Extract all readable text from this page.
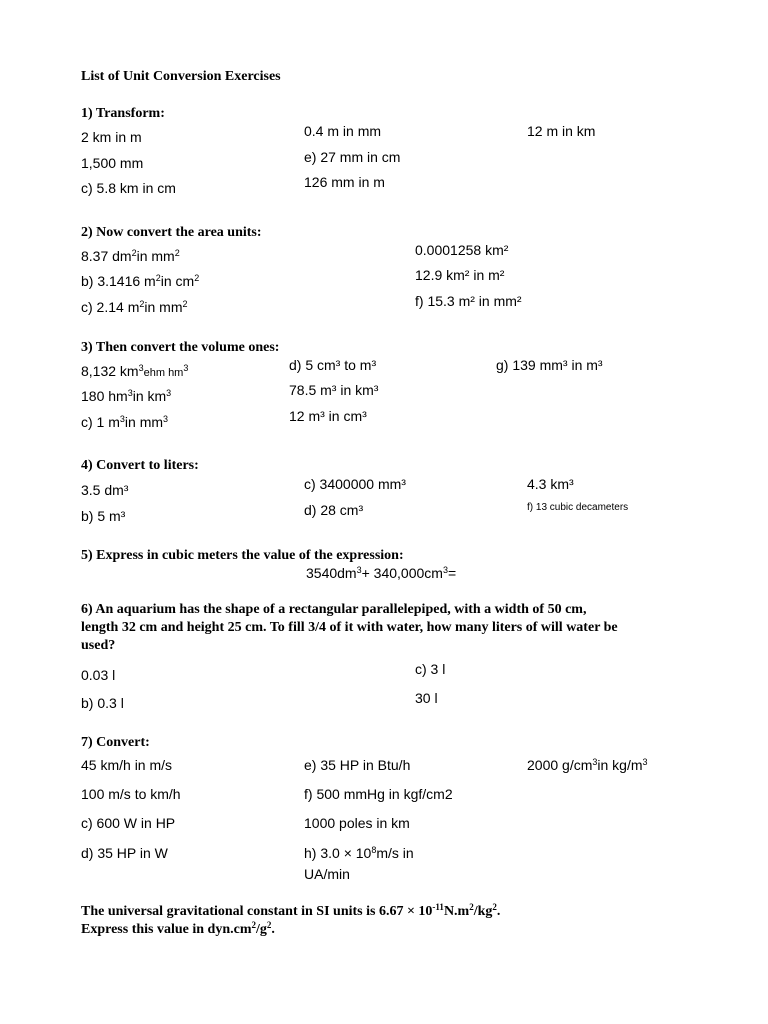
List of Unit Conversion Exercises
1) Transform:
2 km in m
1,500 mm
c) 5.8 km in cm
0.4 m in mm
e) 27 mm in cm
126 mm in m
12 m in km
2) Now convert the area units:
8.37 $dm^2in$ $mm^2$
b) 3.1416 $m^2in$ $cm^2$
c) 2.14 $m^2in$ $mm^2$
0.0001258 km²
12.9 km² in m²
f) 15.3 m² in mm²
3) Then convert the volume ones:
8,132 $km^3ehm$ $hm^3$
180 $hm^3in$ $km^3$
c) 1 $m^3in$ $mm^3$
d) 5 cm³ to m³
78.5 m³ in km³
12 m³ in cm³
g) 139 mm³ in m³
4) Convert to liters:
3.5 dm³
b) 5 m³
c) 3400000 mm³
d) 28 cm³
4.3 km³
f) 13 cubic decameters
5) Express in cubic meters the value of the expression:
$3540dm^3+ 340,000cm^3=$
6) An aquarium has the shape of a rectangular parallelepiped, with a width of 50 cm, length 32 cm and height 25 cm. To fill 3/4 of it with water, how many liters of will water be used?
0.03 l
b) 0.3 l
c) 3 l
30 l
7) Convert:
45 km/h in m/s
100 m/s to km/h
c) 600 W in HP
d) 35 HP in W
e) 35 HP in Btu/h
f) 500 mmHg in kgf/cm2
1000 poles in km
h) $3.0 \times 10^8m/s$ in
UA/min
2000 $g/cm^3in$ $kg/m^3$
The universal gravitational constant in SI units is $6.67 \times 10^{-11}N.m^2/kg^2$.
Express this value in $dyn.cm^2/g^2$.
